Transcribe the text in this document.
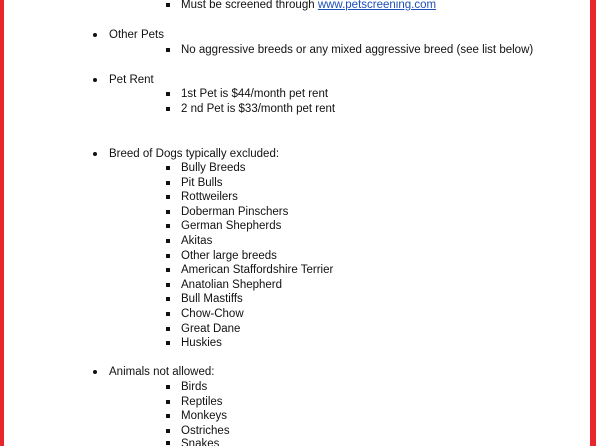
Must be screened through www.petscreening.com
Other Pets
No aggressive breeds or any mixed aggressive breed (see list below)
Pet Rent
1st Pet is $44/month pet rent
2 nd Pet is $33/month pet rent
Breed of Dogs typically excluded:
Bully Breeds
Pit Bulls
Rottweilers
Doberman Pinschers
German Shepherds
Akitas
Other large breeds
American Staffordshire Terrier
Anatolian Shepherd
Bull Mastiffs
Chow-Chow
Great Dane
Huskies
Animals not allowed:
Birds
Reptiles
Monkeys
Ostriches
Snakes
